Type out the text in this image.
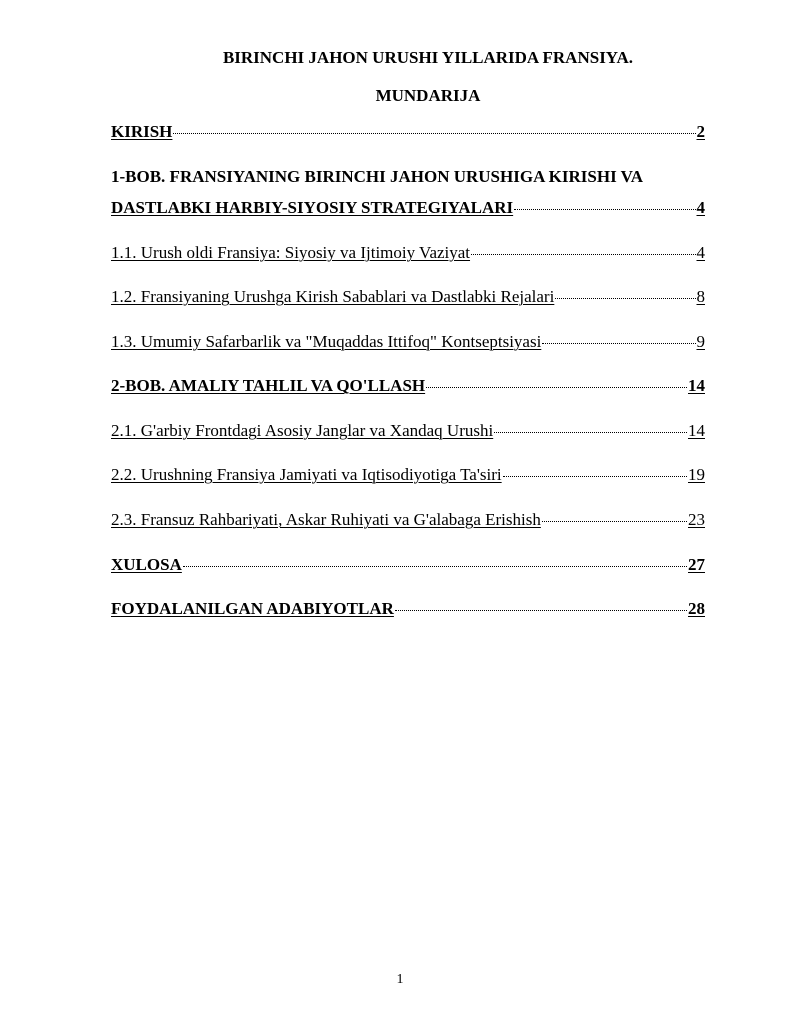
BIRINCHI JAHON URUSHI YILLARIDA FRANSIYA.
MUNDARIJA
KIRISH	2
1-BOB. FRANSIYANING BIRINCHI JAHON URUSHIGA KIRISHI VA
DASTLABKI HARBIY-SIYOSIY STRATEGIYALARI	4
1.1. Urush oldi Fransiya: Siyosiy va Ijtimoiy Vaziyat	4
1.2. Fransiyaning Urushga Kirish Sabablari va Dastlabki Rejalari	8
1.3. Umumiy Safarbarlik va "Muqaddas Ittifoq" Kontseptsiyasi	9
2-BOB. AMALIY TAHLIL VA QO'LLASH	14
2.1. G'arbiy Frontdagi Asosiy Janglar va Xandaq Urushi	14
2.2. Urushning Fransiya Jamiyati va Iqtisodiyotiga Ta'siri	19
2.3. Fransuz Rahbariyati, Askar Ruhiyati va G'alabaga Erishish	23
XULOSA	27
FOYDALANILGAN ADABIYOTLAR	28
1
